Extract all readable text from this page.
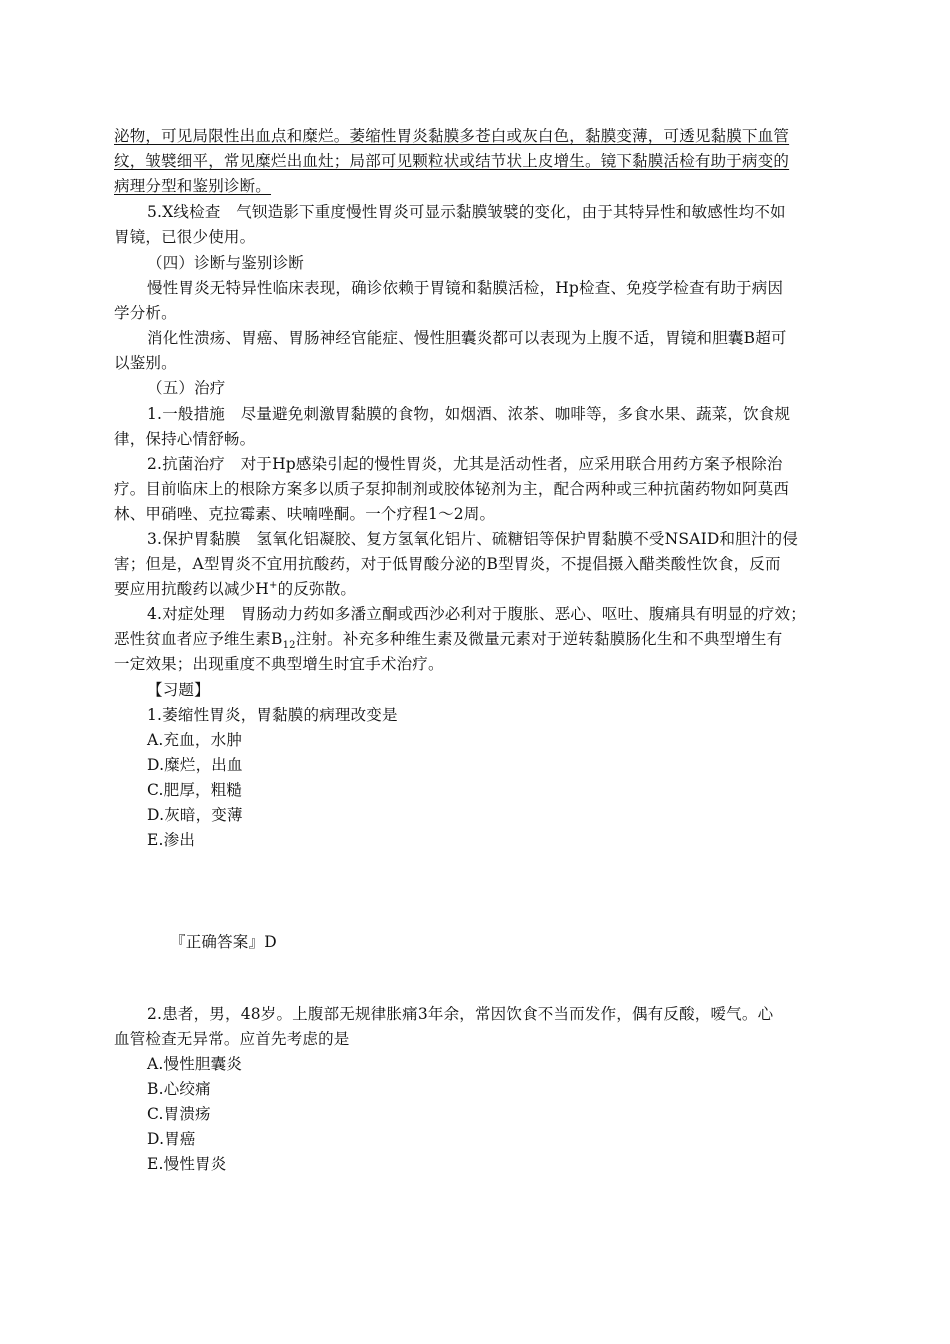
泌物，可见局限性出血点和糜烂。萎缩性胃炎黏膜多苍白或灰白色，黏膜变薄，可透见黏膜下血管
纹，皱襞细平，常见糜烂出血灶；局部可见颗粒状或结节状上皮增生。镜下黏膜活检有助于病变的
病理分型和鉴别诊断。
5.X线检查　气钡造影下重度慢性胃炎可显示黏膜皱襞的变化，由于其特异性和敏感性均不如
胃镜，已很少使用。
（四）诊断与鉴别诊断
慢性胃炎无特异性临床表现，确诊依赖于胃镜和黏膜活检，Hp检查、免疫学检查有助于病因
学分析。
消化性溃疡、胃癌、胃肠神经官能症、慢性胆囊炎都可以表现为上腹不适，胃镜和胆囊B超可
以鉴别。
（五）治疗
1.一般措施　尽量避免刺激胃黏膜的食物，如烟酒、浓茶、咖啡等，多食水果、蔬菜，饮食规
律，保持心情舒畅。
2.抗菌治疗　对于Hp感染引起的慢性胃炎，尤其是活动性者，应采用联合用药方案予根除治
疗。目前临床上的根除方案多以质子泵抑制剂或胶体铋剂为主，配合两种或三种抗菌药物如阿莫西
林、甲硝唑、克拉霉素、呋喃唑酮。一个疗程1～2周。
3.保护胃黏膜　氢氧化铝凝胶、复方氢氧化铝片、硫糖铝等保护胃黏膜不受NSAID和胆汁的侵
害；但是，A型胃炎不宜用抗酸药，对于低胃酸分泌的B型胃炎，不提倡摄入醋类酸性饮食，反而
要应用抗酸药以减少H+的反弥散。
4.对症处理　胃肠动力药如多潘立酮或西沙必利对于腹胀、恶心、呕吐、腹痛具有明显的疗效；
恶性贫血者应予维生素$B_{12}$注射。补充多种维生素及微量元素对于逆转黏膜肠化生和不典型增生有
一定效果；出现重度不典型增生时宜手术治疗。
【习题】
1.萎缩性胃炎，胃黏膜的病理改变是
A.充血，水肿
D.糜烂，出血
C.肥厚，粗糙
D.灰暗，变薄
E.渗出
『正确答案』D
2.患者，男，48岁。上腹部无规律胀痛3年余，常因饮食不当而发作，偶有反酸，嗳气。心
血管检查无异常。应首先考虑的是
A.慢性胆囊炎
B.心绞痛
C.胃溃疡
D.胃癌
E.慢性胃炎
